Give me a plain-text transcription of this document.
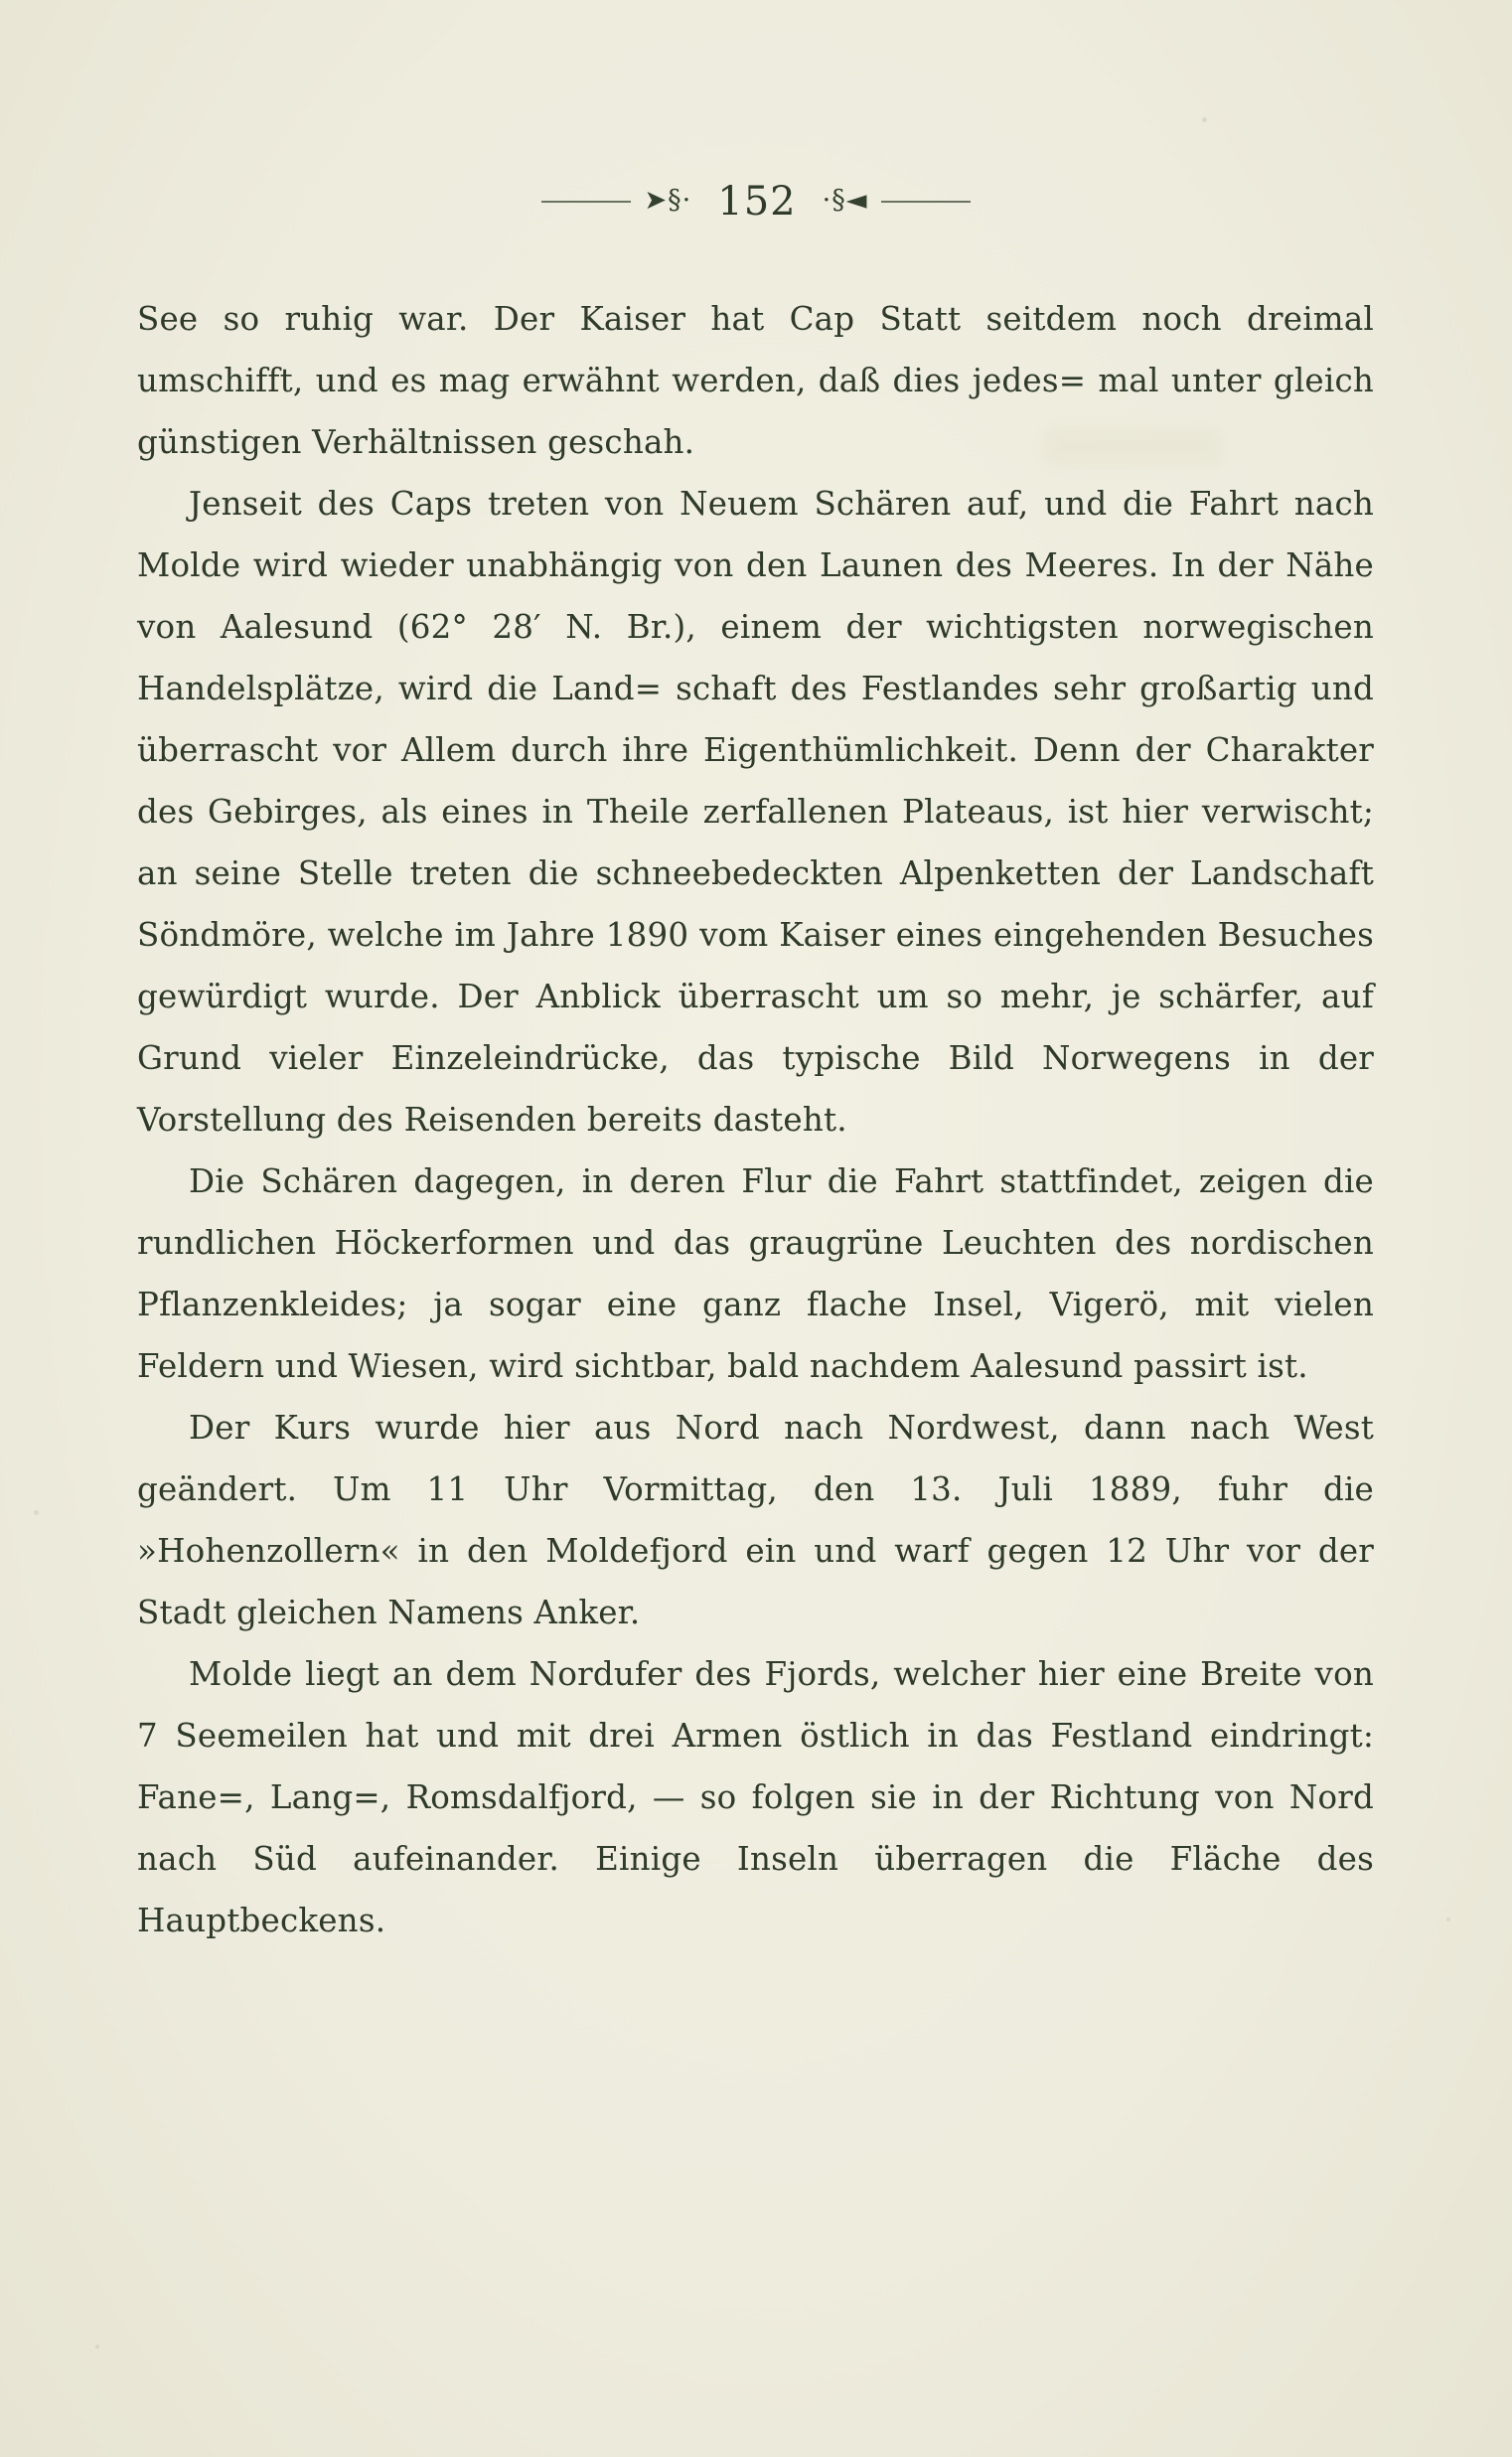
➤§· 152 ·§◄

See so ruhig war. Der Kaiser hat Cap Statt seitdem noch dreimal umschifft, und es mag erwähnt werden, daß dies jedes= mal unter gleich günstigen Verhältnissen geschah.

Jenseit des Caps treten von Neuem Schären auf, und die Fahrt nach Molde wird wieder unabhängig von den Launen des Meeres. In der Nähe von Aalesund (62° 28′ N. Br.), einem der wichtigsten norwegischen Handelsplätze, wird die Land= schaft des Festlandes sehr großartig und überrascht vor Allem durch ihre Eigenthümlichkeit. Denn der Charakter des Gebirges, als eines in Theile zerfallenen Plateaus, ist hier verwischt; an seine Stelle treten die schneebedeckten Alpenketten der Landschaft Söndmöre, welche im Jahre 1890 vom Kaiser eines eingehenden Besuches gewürdigt wurde. Der Anblick überrascht um so mehr, je schärfer, auf Grund vieler Einzeleindrücke, das typische Bild Norwegens in der Vorstellung des Reisenden bereits dasteht.

Die Schären dagegen, in deren Flur die Fahrt stattfindet, zeigen die rundlichen Höckerformen und das graugrüne Leuchten des nordischen Pflanzenkleides; ja sogar eine ganz flache Insel, Vigerö, mit vielen Feldern und Wiesen, wird sichtbar, bald nachdem Aalesund passirt ist.

Der Kurs wurde hier aus Nord nach Nordwest, dann nach West geändert. Um 11 Uhr Vormittag, den 13. Juli 1889, fuhr die »Hohenzollern« in den Moldefjord ein und warf gegen 12 Uhr vor der Stadt gleichen Namens Anker.

Molde liegt an dem Nordufer des Fjords, welcher hier eine Breite von 7 Seemeilen hat und mit drei Armen östlich in das Festland eindringt: Fane=, Lang=, Romsdalfjord, — so folgen sie in der Richtung von Nord nach Süd aufeinander. Einige Inseln überragen die Fläche des Hauptbeckens.
